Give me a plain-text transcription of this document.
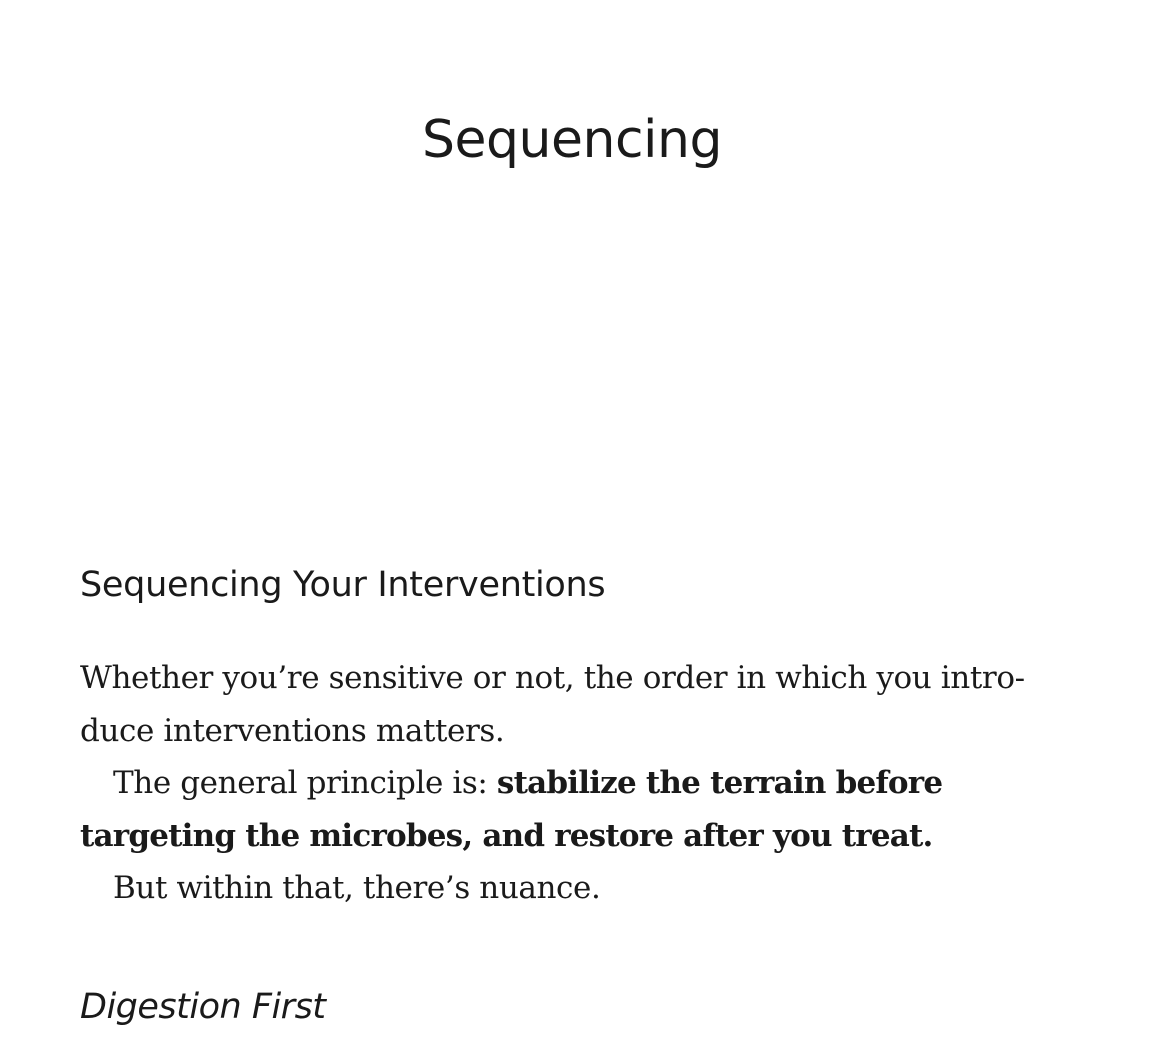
Sequencing
Sequencing Your Interventions

Whether you’re sensitive or not, the order in which you intro-duce interventions matters.

The general principle is: stabilize the terrain before targeting the microbes, and restore after you treat.

But within that, there’s nuance.

Digestion First
